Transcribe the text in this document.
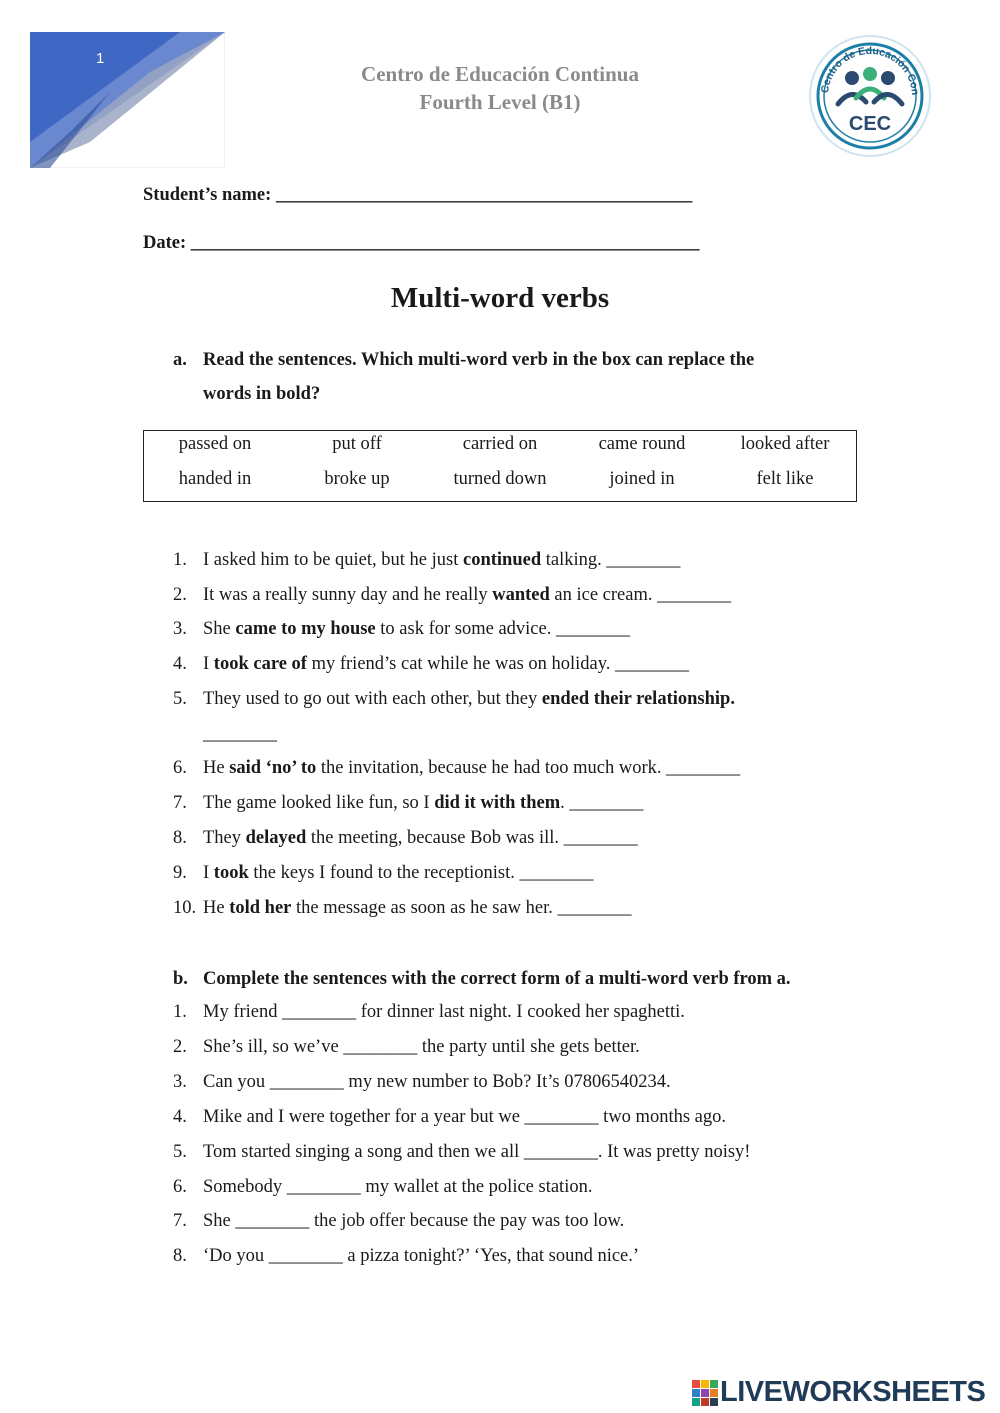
1
Centro de Educación Continua
Fourth Level (B1)
Centro de Educación Con
CEC
Student’s name: _____________________________________________
Date: _______________________________________________________
Multi-word verbs
a. Read the sentences. Which multi-word verb in the box can replace the
words in bold?
passed on	put off	carried on	came round	looked after
handed in	broke up	turned down	joined in	felt like
1. I asked him to be quiet, but he just continued talking. ________
2. It was a really sunny day and he really wanted an ice cream. ________
3. She came to my house to ask for some advice. ________
4. I took care of my friend’s cat while he was on holiday. ________
5. They used to go out with each other, but they ended their relationship.
________
6. He said ‘no’ to the invitation, because he had too much work. ________
7. The game looked like fun, so I did it with them. ________
8. They delayed the meeting, because Bob was ill. ________
9. I took the keys I found to the receptionist. ________
10. He told her the message as soon as he saw her. ________
b. Complete the sentences with the correct form of a multi-word verb from a.
1. My friend ________ for dinner last night. I cooked her spaghetti.
2. She’s ill, so we’ve ________ the party until she gets better.
3. Can you ________ my new number to Bob? It’s 07806540234.
4. Mike and I were together for a year but we ________ two months ago.
5. Tom started singing a song and then we all ________. It was pretty noisy!
6. Somebody ________ my wallet at the police station.
7. She ________ the job offer because the pay was too low.
8. ‘Do you ________ a pizza tonight?’ ‘Yes, that sound nice.’
LIVEWORKSHEETS
